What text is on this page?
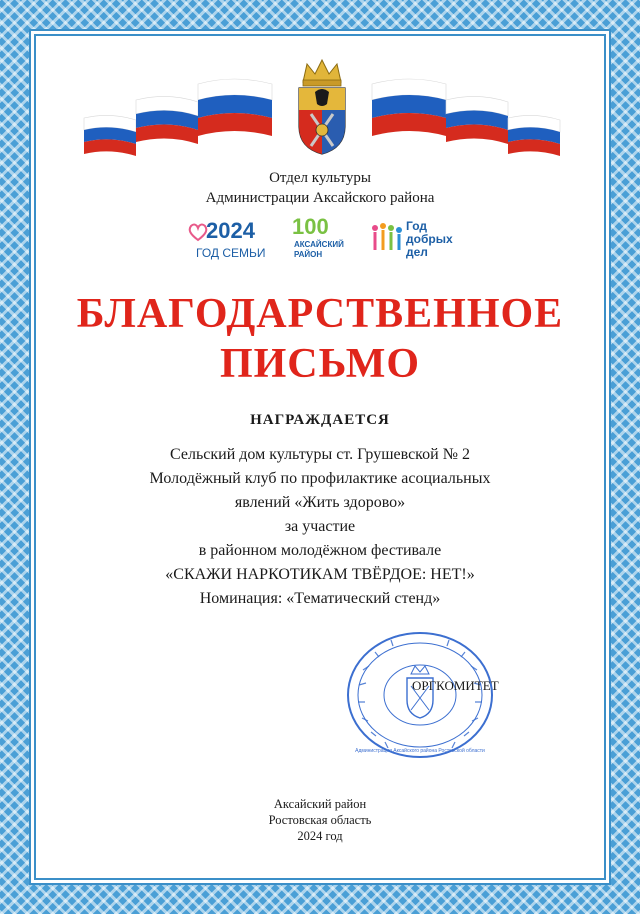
Отдел культуры
Администрации Аксайского района
2024
ГОД СЕМЬИ
100
АКСАЙСКИЙ
РАЙОН
Год
добрых
дел
БЛАГОДАРСТВЕННОЕ
ПИСЬМО
НАГРАЖДАЕТСЯ
Сельский дом культуры ст. Грушевской № 2
Молодёжный клуб по профилактике асоциальных
явлений «Жить здорово»
за участие
в районном молодёжном фестивале
«СКАЖИ НАРКОТИКАМ ТВЁРДОЕ: НЕТ!»
Номинация: «Тематический стенд»
Администрация Аксайского района Ростовской области
ОРГКОМИТЕТ
Аксайский район
Ростовская область
2024 год
